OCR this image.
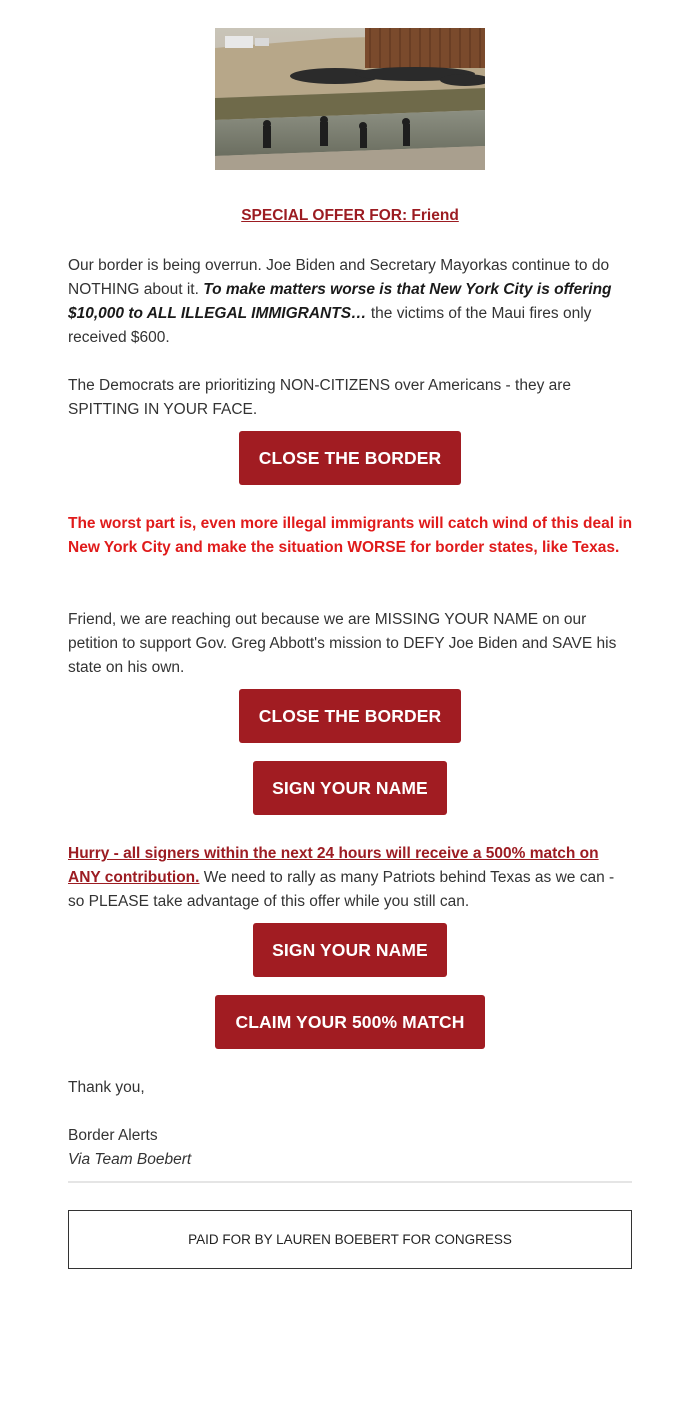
SPECIAL OFFER FOR: Friend

Our border is being overrun. Joe Biden and Secretary Mayorkas continue to do NOTHING about it. To make matters worse is that New York City is offering $10,000 to ALL ILLEGAL IMMIGRANTS… the victims of the Maui fires only received $600.

The Democrats are prioritizing NON-CITIZENS over Americans - they are SPITTING IN YOUR FACE.

CLOSE THE BORDER

The worst part is, even more illegal immigrants will catch wind of this deal in New York City and make the situation WORSE for border states, like Texas.

Friend, we are reaching out because we are MISSING YOUR NAME on our petition to support Gov. Greg Abbott's mission to DEFY Joe Biden and SAVE his state on his own.

CLOSE THE BORDER
SIGN YOUR NAME

Hurry - all signers within the next 24 hours will receive a 500% match on ANY contribution. We need to rally as many Patriots behind Texas as we can - so PLEASE take advantage of this offer while you still can.

SIGN YOUR NAME
CLAIM YOUR 500% MATCH
Thank you,
Border Alerts
Via Team Boebert
PAID FOR BY LAUREN BOEBERT FOR CONGRESS
